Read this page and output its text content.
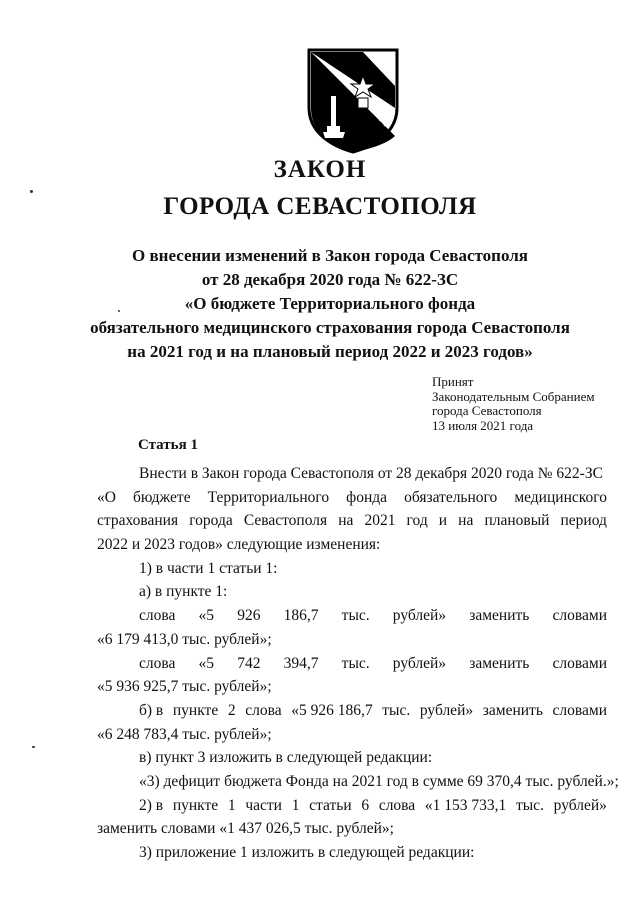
ЗАКОН
ГОРОДА СЕВАСТОПОЛЯ
О внесении изменений в Закон города Севастополя
от 28 декабря 2020 года № 622-ЗС
«О бюджете Территориального фонда
обязательного медицинского страхования города Севастополя
на 2021 год и на плановый период 2022 и 2023 годов»
Принят
Законодательным Собранием
города Севастополя
13 июля 2021 года
Статья 1
Внести в Закон города Севастополя от 28 декабря 2020 года № 622-ЗС
«О бюджете Территориального фонда обязательного медицинского
страхования города Севастополя на 2021 год и на плановый период
2022 и 2023 годов» следующие изменения:
1) в части 1 статьи 1:
а) в пункте 1:
слова «5 926 186,7 тыс. рублей» заменить словами
«6 179 413,0 тыс. рублей»;
слова «5 742 394,7 тыс. рублей» заменить словами
«5 936 925,7 тыс. рублей»;
б) в пункте 2 слова «5 926 186,7 тыс. рублей» заменить словами
«6 248 783,4 тыс. рублей»;
в) пункт 3 изложить в следующей редакции:
«3) дефицит бюджета Фонда на 2021 год в сумме 69 370,4 тыс. рублей.»;
2) в пункте 1 части 1 статьи 6 слова «1 153 733,1 тыс. рублей»
заменить словами «1 437 026,5 тыс. рублей»;
3) приложение 1 изложить в следующей редакции:
